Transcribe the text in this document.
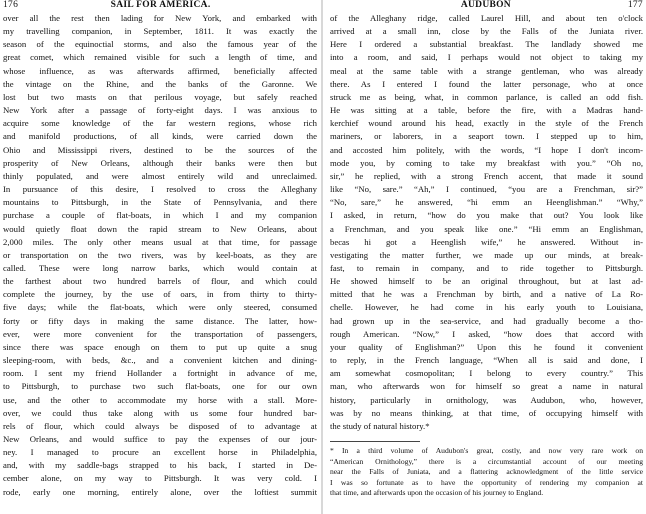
176	SAIL FOR AMERICA.
over all the rest then lading for New York, and embarked with
my travelling companion, in September, 1811. It was exactly the
season of the equinoctial storms, and also the famous year of the
great comet, which remained visible for such a length of time, and
whose influence, as was afterwards affirmed, beneficially affected
the vintage on the Rhine, and the banks of the Garonne. We
lost but two masts on that perilous voyage, but safely reached
New York after a passage of forty-eight days. I was anxious to
acquire some knowledge of the far western regions, whose rich
and manifold productions, of all kinds, were carried down the
Ohio and Mississippi rivers, destined to be the sources of the
prosperity of New Orleans, although their banks were then but
thinly populated, and were almost entirely wild and unreclaimed.
In pursuance of this desire, I resolved to cross the Alleghany
mountains to Pittsburgh, in the State of Pennsylvania, and there
purchase a couple of flat-boats, in which I and my companion
would quietly float down the rapid stream to New Orleans, about
2,000 miles. The only other means usual at that time, for passage
or transportation on the two rivers, was by keel-boats, as they are
called. These were long narrow barks, which would contain at
the farthest about two hundred barrels of flour, and which could
complete the journey, by the use of oars, in from thirty to thirty-
five days; while the flat-boats, which were only steered, consumed
forty or fifty days in making the same distance. The latter, how-
ever, were more convenient for the transportation of passengers,
since there was space enough on them to put up quite a snug
sleeping-room, with beds, &c., and a convenient kitchen and dining-
room. I sent my friend Hollander a fortnight in advance of me,
to Pittsburgh, to purchase two such flat-boats, one for our own
use, and the other to accommodate my horse with a stall. More-
over, we could thus take along with us some four hundred bar-
rels of flour, which could always be disposed of to advantage at
New Orleans, and would suffice to pay the expenses of our jour-
ney. I managed to procure an excellent horse in Philadelphia,
and, with my saddle-bags strapped to his back, I started in De-
cember alone, on my way to Pittsburgh. It was very cold. I
rode, early one morning, entirely alone, over the loftiest summit
AUDUBON	177
of the Alleghany ridge, called Laurel Hill, and about ten o'clock
arrived at a small inn, close by the Falls of the Juniata river.
Here I ordered a substantial breakfast. The landlady showed me
into a room, and said, I perhaps would not object to taking my
meal at the same table with a strange gentleman, who was already
there. As I entered I found the latter personage, who at once
struck me as being, what, in common parlance, is called an odd fish.
He was sitting at a table, before the fire, with a Madras hand-
kerchief wound around his head, exactly in the style of the French
mariners, or laborers, in a seaport town. I stepped up to him,
and accosted him politely, with the words, “I hope I don't incom-
mode you, by coming to take my breakfast with you.” “Oh no,
sir,” he replied, with a strong French accent, that made it sound
like “No, sare.” “Ah,” I continued, “you are a Frenchman, sir?”
“No, sare,” he answered, “hi emm an Heenglishman.” “Why,”
I asked, in return, “how do you make that out? You look like
a Frenchman, and you speak like one.” “Hi emm an Englishman,
becas hi got a Heenglish wife,” he answered. Without in-
vestigating the matter further, we made up our minds, at break-
fast, to remain in company, and to ride together to Pittsburgh.
He showed himself to be an original throughout, but at last ad-
mitted that he was a Frenchman by birth, and a native of La Ro-
chelle. However, he had come in his early youth to Louisiana,
had grown up in the sea-service, and had gradually become a tho-
rough American. “Now,” I asked, “how does that accord with
your quality of Englishman?” Upon this he found it convenient
to reply, in the French language, “When all is said and done, I
am somewhat cosmopolitan; I belong to every country.” This
man, who afterwards won for himself so great a name in natural
history, particularly in ornithology, was Audubon, who, however,
was by no means thinking, at that time, of occupying himself with
the study of natural history.*
* In a third volume of Audubon's great, costly, and now very rare work on
“American Ornithology,” there is a circumstantial account of our meeting
near the Falls of Juniata, and a flattering acknowledgment of the little service
I was so fortunate as to have the opportunity of rendering my companion at
that time, and afterwards upon the occasion of his journey to England.
